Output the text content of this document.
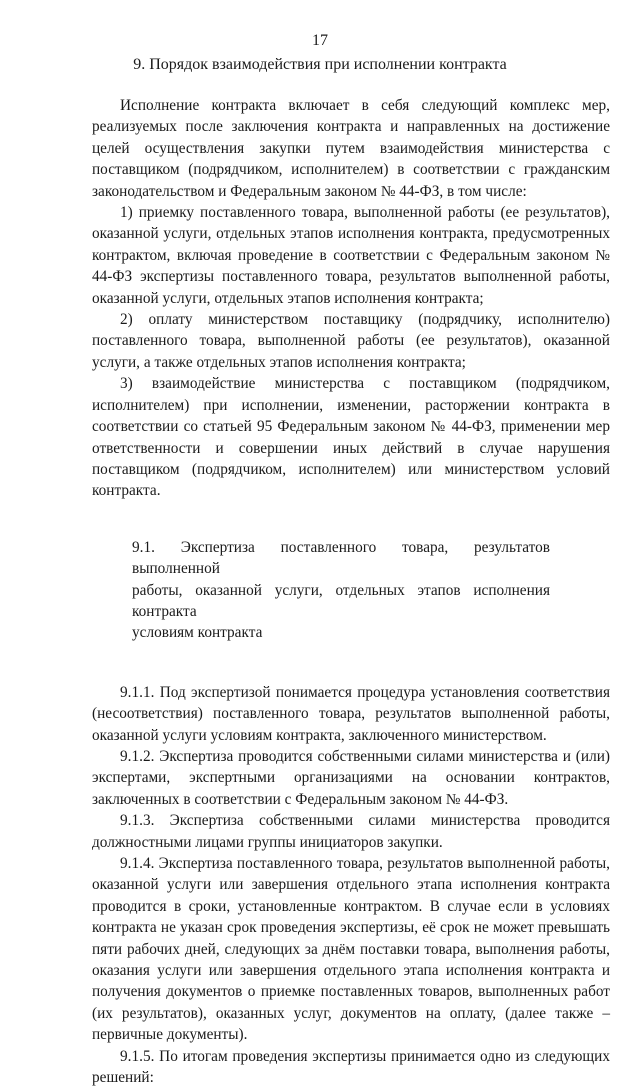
17
9. Порядок взаимодействия при исполнении контракта

Исполнение контракта включает в себя следующий комплекс мер, реализуемых после заключения контракта и направленных на достижение целей осуществления закупки путем взаимодействия министерства с поставщиком (подрядчиком, исполнителем) в соответствии с гражданским законодательством и Федеральным законом № 44-ФЗ, в том числе:

1) приемку поставленного товара, выполненной работы (ее результатов), оказанной услуги, отдельных этапов исполнения контракта, предусмотренных контрактом, включая проведение в соответствии с Федеральным законом № 44-ФЗ экспертизы поставленного товара, результатов выполненной работы, оказанной услуги, отдельных этапов исполнения контракта;

2) оплату министерством поставщику (подрядчику, исполнителю) поставленного товара, выполненной работы (ее результатов), оказанной услуги, а также отдельных этапов исполнения контракта;

3) взаимодействие министерства с поставщиком (подрядчиком, исполнителем) при исполнении, изменении, расторжении контракта в соответствии со статьей 95 Федеральным законом № 44-ФЗ, применении мер ответственности и совершении иных действий в случае нарушения поставщиком (подрядчиком, исполнителем) или министерством условий контракта.

9.1. Экспертиза поставленного товара, результатов выполненной
работы, оказанной услуги, отдельных этапов исполнения контракта
условиям контракта

9.1.1. Под экспертизой понимается процедура установления соответствия (несоответствия) поставленного товара, результатов выполненной работы, оказанной услуги условиям контракта, заключенного министерством.

9.1.2. Экспертиза проводится собственными силами министерства и (или) экспертами, экспертными организациями на основании контрактов, заключенных в соответствии с Федеральным законом № 44-ФЗ.

9.1.3. Экспертиза собственными силами министерства проводится должностными лицами группы инициаторов закупки.

9.1.4. Экспертиза поставленного товара, результатов выполненной работы, оказанной услуги или завершения отдельного этапа исполнения контракта проводится в сроки, установленные контрактом. В случае если в условиях контракта не указан срок проведения экспертизы, её срок не может превышать пяти рабочих дней, следующих за днём поставки товара, выполнения работы, оказания услуги или завершения отдельного этапа исполнения контракта и получения документов о приемке поставленных товаров, выполненных работ (их результатов), оказанных услуг, документов на оплату, (далее также – первичные документы).

9.1.5. По итогам проведения экспертизы принимается одно из следующих решений:
